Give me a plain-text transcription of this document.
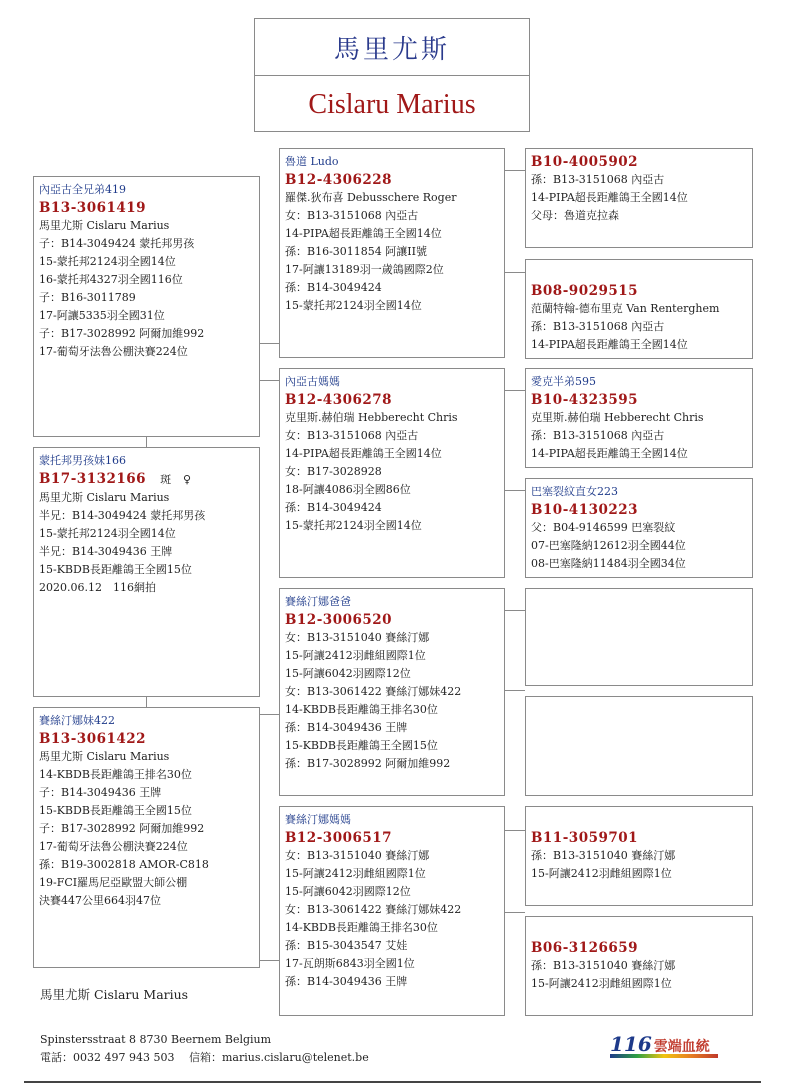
馬里尤斯
Cislaru Marius
內亞古全兄弟419
B13-3061419
馬里尤斯 Cislaru Marius
子：B14-3049424 蒙托邦男孩
15-蒙托邦2124羽全國14位
16-蒙托邦4327羽全國116位
子：B16-3011789
17-阿讓5335羽全國31位
子：B17-3028992 阿爾加維992
17-葡萄牙法魯公棚決賽224位
蒙托邦男孩妹166
B17-3132166 斑　♀
馬里尤斯 Cislaru Marius
半兄：B14-3049424 蒙托邦男孩
15-蒙托邦2124羽全國14位
半兄：B14-3049436 王牌
15-KBDB長距離鴿王全國15位
2020.06.12　116網拍
賽絲汀娜妹422
B13-3061422
馬里尤斯 Cislaru Marius
14-KBDB長距離鴿王排名30位
子：B14-3049436 王牌
15-KBDB長距離鴿王全國15位
子：B17-3028992 阿爾加維992
17-葡萄牙法魯公棚決賽224位
孫：B19-3002818 AMOR-C818
19-FCI羅馬尼亞歐盟大師公棚
決賽447公里664羽47位
魯道 Ludo
B12-4306228
羅傑.狄布喜 Debusschere Roger
女：B13-3151068 內亞古
14-PIPA超長距離鴿王全國14位
孫：B16-3011854 阿讓II號
17-阿讓13189羽一歲鴿國際2位
孫：B14-3049424
15-蒙托邦2124羽全國14位
內亞古媽媽
B12-4306278
克里斯.赫伯瑞 Hebberecht Chris
女：B13-3151068 內亞古
14-PIPA超長距離鴿王全國14位
女：B17-3028928
18-阿讓4086羽全國86位
孫：B14-3049424
15-蒙托邦2124羽全國14位
賽絲汀娜爸爸
B12-3006520
女：B13-3151040 賽絲汀娜
15-阿讓2412羽雌組國際1位
15-阿讓6042羽國際12位
女：B13-3061422 賽絲汀娜妹422
14-KBDB長距離鴿王排名30位
孫：B14-3049436 王牌
15-KBDB長距離鴿王全國15位
孫：B17-3028992 阿爾加維992
賽絲汀娜媽媽
B12-3006517
女：B13-3151040 賽絲汀娜
15-阿讓2412羽雌組國際1位
15-阿讓6042羽國際12位
女：B13-3061422 賽絲汀娜妹422
14-KBDB長距離鴿王排名30位
孫：B15-3043547 艾娃
17-瓦朗斯6843羽全國1位
孫：B14-3049436 王牌
B10-4005902
孫：B13-3151068 內亞古
14-PIPA超長距離鴿王全國14位
父母：魯道克拉森
B08-9029515
范蘭特翰-德布里克 Van Renterghem
孫：B13-3151068 內亞古
14-PIPA超長距離鴿王全國14位
愛克半弟595
B10-4323595
克里斯.赫伯瑞 Hebberecht Chris
孫：B13-3151068 內亞古
14-PIPA超長距離鴿王全國14位
巴塞裂紋直女223
B10-4130223
父：B04-9146599 巴塞裂紋
07-巴塞隆納12612羽全國44位
08-巴塞隆納11484羽全國34位
B11-3059701
孫：B13-3151040 賽絲汀娜
15-阿讓2412羽雌組國際1位
B06-3126659
孫：B13-3151040 賽絲汀娜
15-阿讓2412羽雌組國際1位
馬里尤斯 Cislaru Marius
Spinstersstraat 8 8730 Beernem Belgium
電話：0032 497 943 503　 信箱：marius.cislaru@telenet.be
116 雲端血統
